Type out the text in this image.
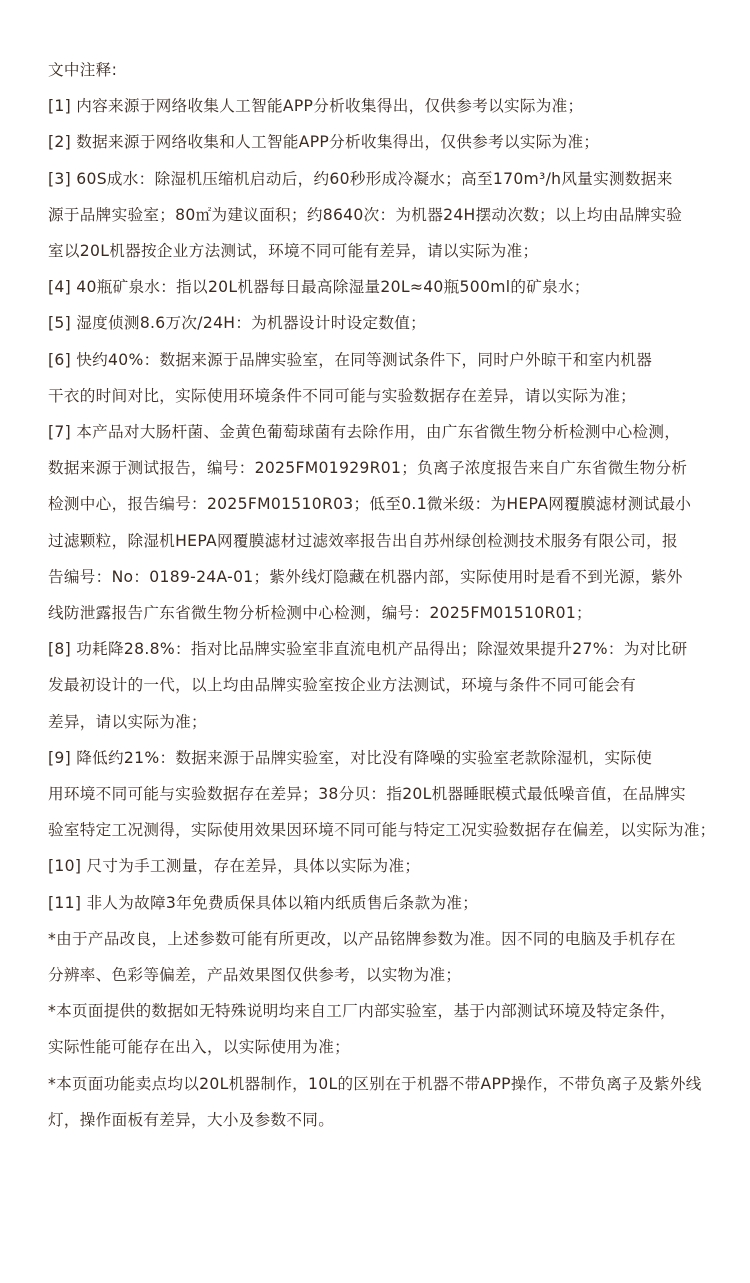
文中注释:
[1] 内容来源于网络收集人工智能APP分析收集得出，仅供参考以实际为准；
[2] 数据来源于网络收集和人工智能APP分析收集得出，仅供参考以实际为准；
[3] 60S成水：除湿机压缩机启动后，约60秒形成冷凝水；高至170m³/h风量实测数据来
源于品牌实验室；80㎡为建议面积；约8640次：为机器24H摆动次数；以上均由品牌实验
室以20L机器按企业方法测试，环境不同可能有差异，请以实际为准；
[4] 40瓶矿泉水：指以20L机器每日最高除湿量20L≈40瓶500ml的矿泉水；
[5] 湿度侦测8.6万次/24H：为机器设计时设定数值；
[6] 快约40%：数据来源于品牌实验室，在同等测试条件下，同时户外晾干和室内机器
干衣的时间对比，实际使用环境条件不同可能与实验数据存在差异，请以实际为准；
[7] 本产品对大肠杆菌、金黄色葡萄球菌有去除作用，由广东省微生物分析检测中心检测，
数据来源于测试报告，编号：2025FM01929R01；负离子浓度报告来自广东省微生物分析
检测中心，报告编号：2025FM01510R03；低至0.1微米级：为HEPA网覆膜滤材测试最小
过滤颗粒，除湿机HEPA网覆膜滤材过滤效率报告出自苏州绿创检测技术服务有限公司，报
告编号：No：0189-24A-01；紫外线灯隐藏在机器内部，实际使用时是看不到光源，紫外
线防泄露报告广东省微生物分析检测中心检测，编号：2025FM01510R01；
[8] 功耗降28.8%：指对比品牌实验室非直流电机产品得出；除湿效果提升27%：为对比研
发最初设计的一代，以上均由品牌实验室按企业方法测试，环境与条件不同可能会有
差异，请以实际为准；
[9] 降低约21%：数据来源于品牌实验室，对比没有降噪的实验室老款除湿机，实际使
用环境不同可能与实验数据存在差异；38分贝：指20L机器睡眠模式最低噪音值，在品牌实
验室特定工况测得，实际使用效果因环境不同可能与特定工况实验数据存在偏差，以实际为准；
[10] 尺寸为手工测量，存在差异，具体以实际为准；
[11] 非人为故障3年免费质保具体以箱内纸质售后条款为准；
*由于产品改良，上述参数可能有所更改，以产品铭牌参数为准。因不同的电脑及手机存在
分辨率、色彩等偏差，产品效果图仅供参考，以实物为准；
*本页面提供的数据如无特殊说明均来自工厂内部实验室，基于内部测试环境及特定条件，
实际性能可能存在出入，以实际使用为准；
*本页面功能卖点均以20L机器制作，10L的区别在于机器不带APP操作，不带负离子及紫外线
灯，操作面板有差异，大小及参数不同。
